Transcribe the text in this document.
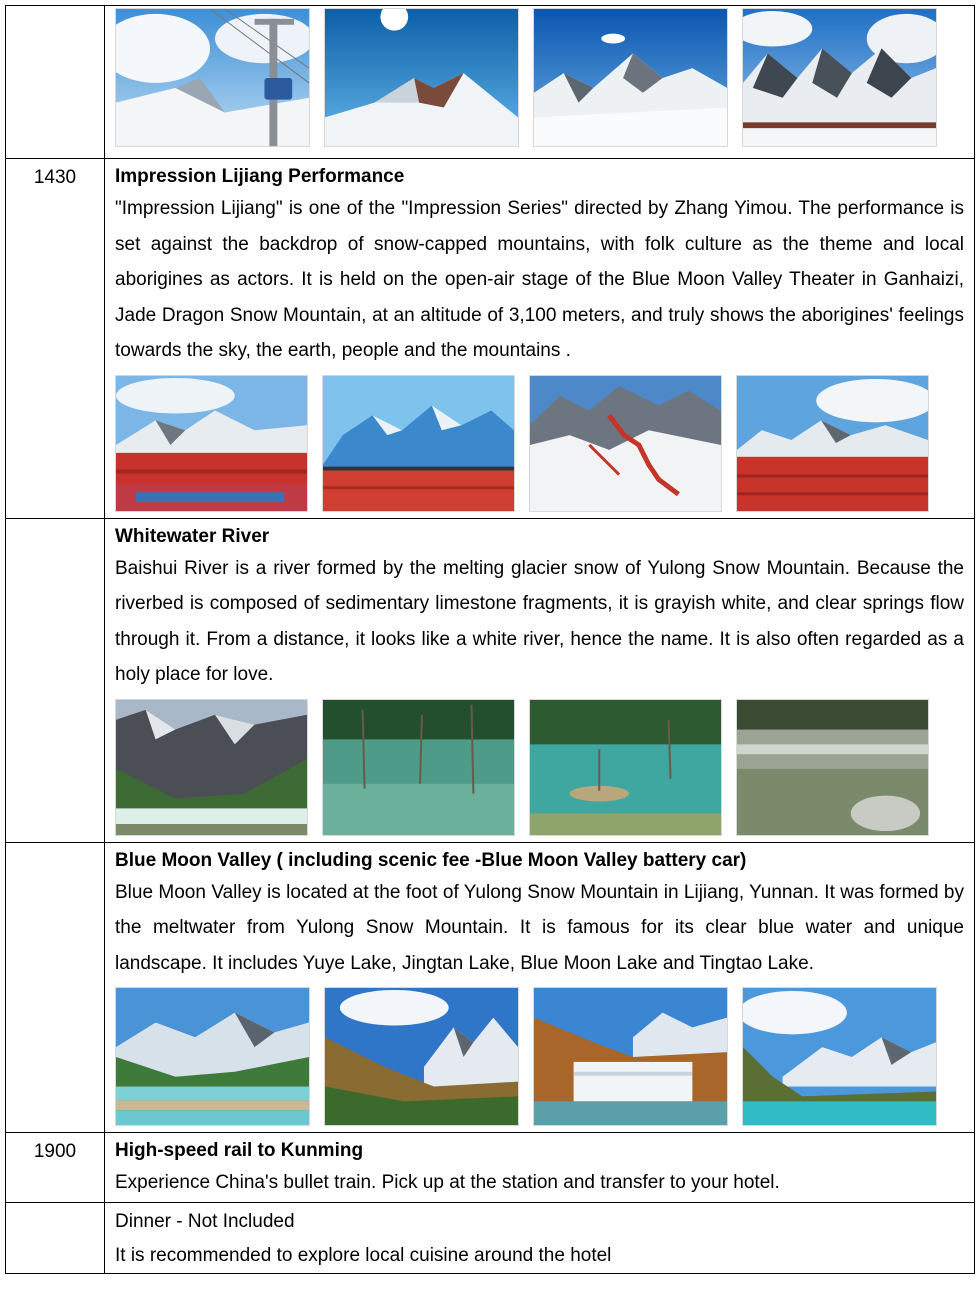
1430	Impression Lijiang Performance
"Impression Lijiang" is one of the "Impression Series" directed by Zhang Yimou. The performance is set against the backdrop of snow-capped mountains, with folk culture as the theme and local aborigines as actors. It is held on the open-air stage of the Blue Moon Valley Theater in Ganhaizi, Jade Dragon Snow Mountain, at an altitude of 3,100 meters, and truly shows the aborigines' feelings towards the sky, the earth, people and the mountains .

	Whitewater River
Baishui River is a river formed by the melting glacier snow of Yulong Snow Mountain. Because the riverbed is composed of sedimentary limestone fragments, it is grayish white, and clear springs flow through it. From a distance, it looks like a white river, hence the name. It is also often regarded as a holy place for love.

	Blue Moon Valley ( including scenic fee -Blue Moon Valley battery car)
Blue Moon Valley is located at the foot of Yulong Snow Mountain in Lijiang, Yunnan. It was formed by the meltwater from Yulong Snow Mountain. It is famous for its clear blue water and unique landscape. It includes Yuye Lake, Jingtan Lake, Blue Moon Lake and Tingtao Lake.

1900	High-speed rail to Kunming
Experience China's bullet train. Pick up at the station and transfer to your hotel.

	Dinner - Not Included
It is recommended to explore local cuisine around the hotel
